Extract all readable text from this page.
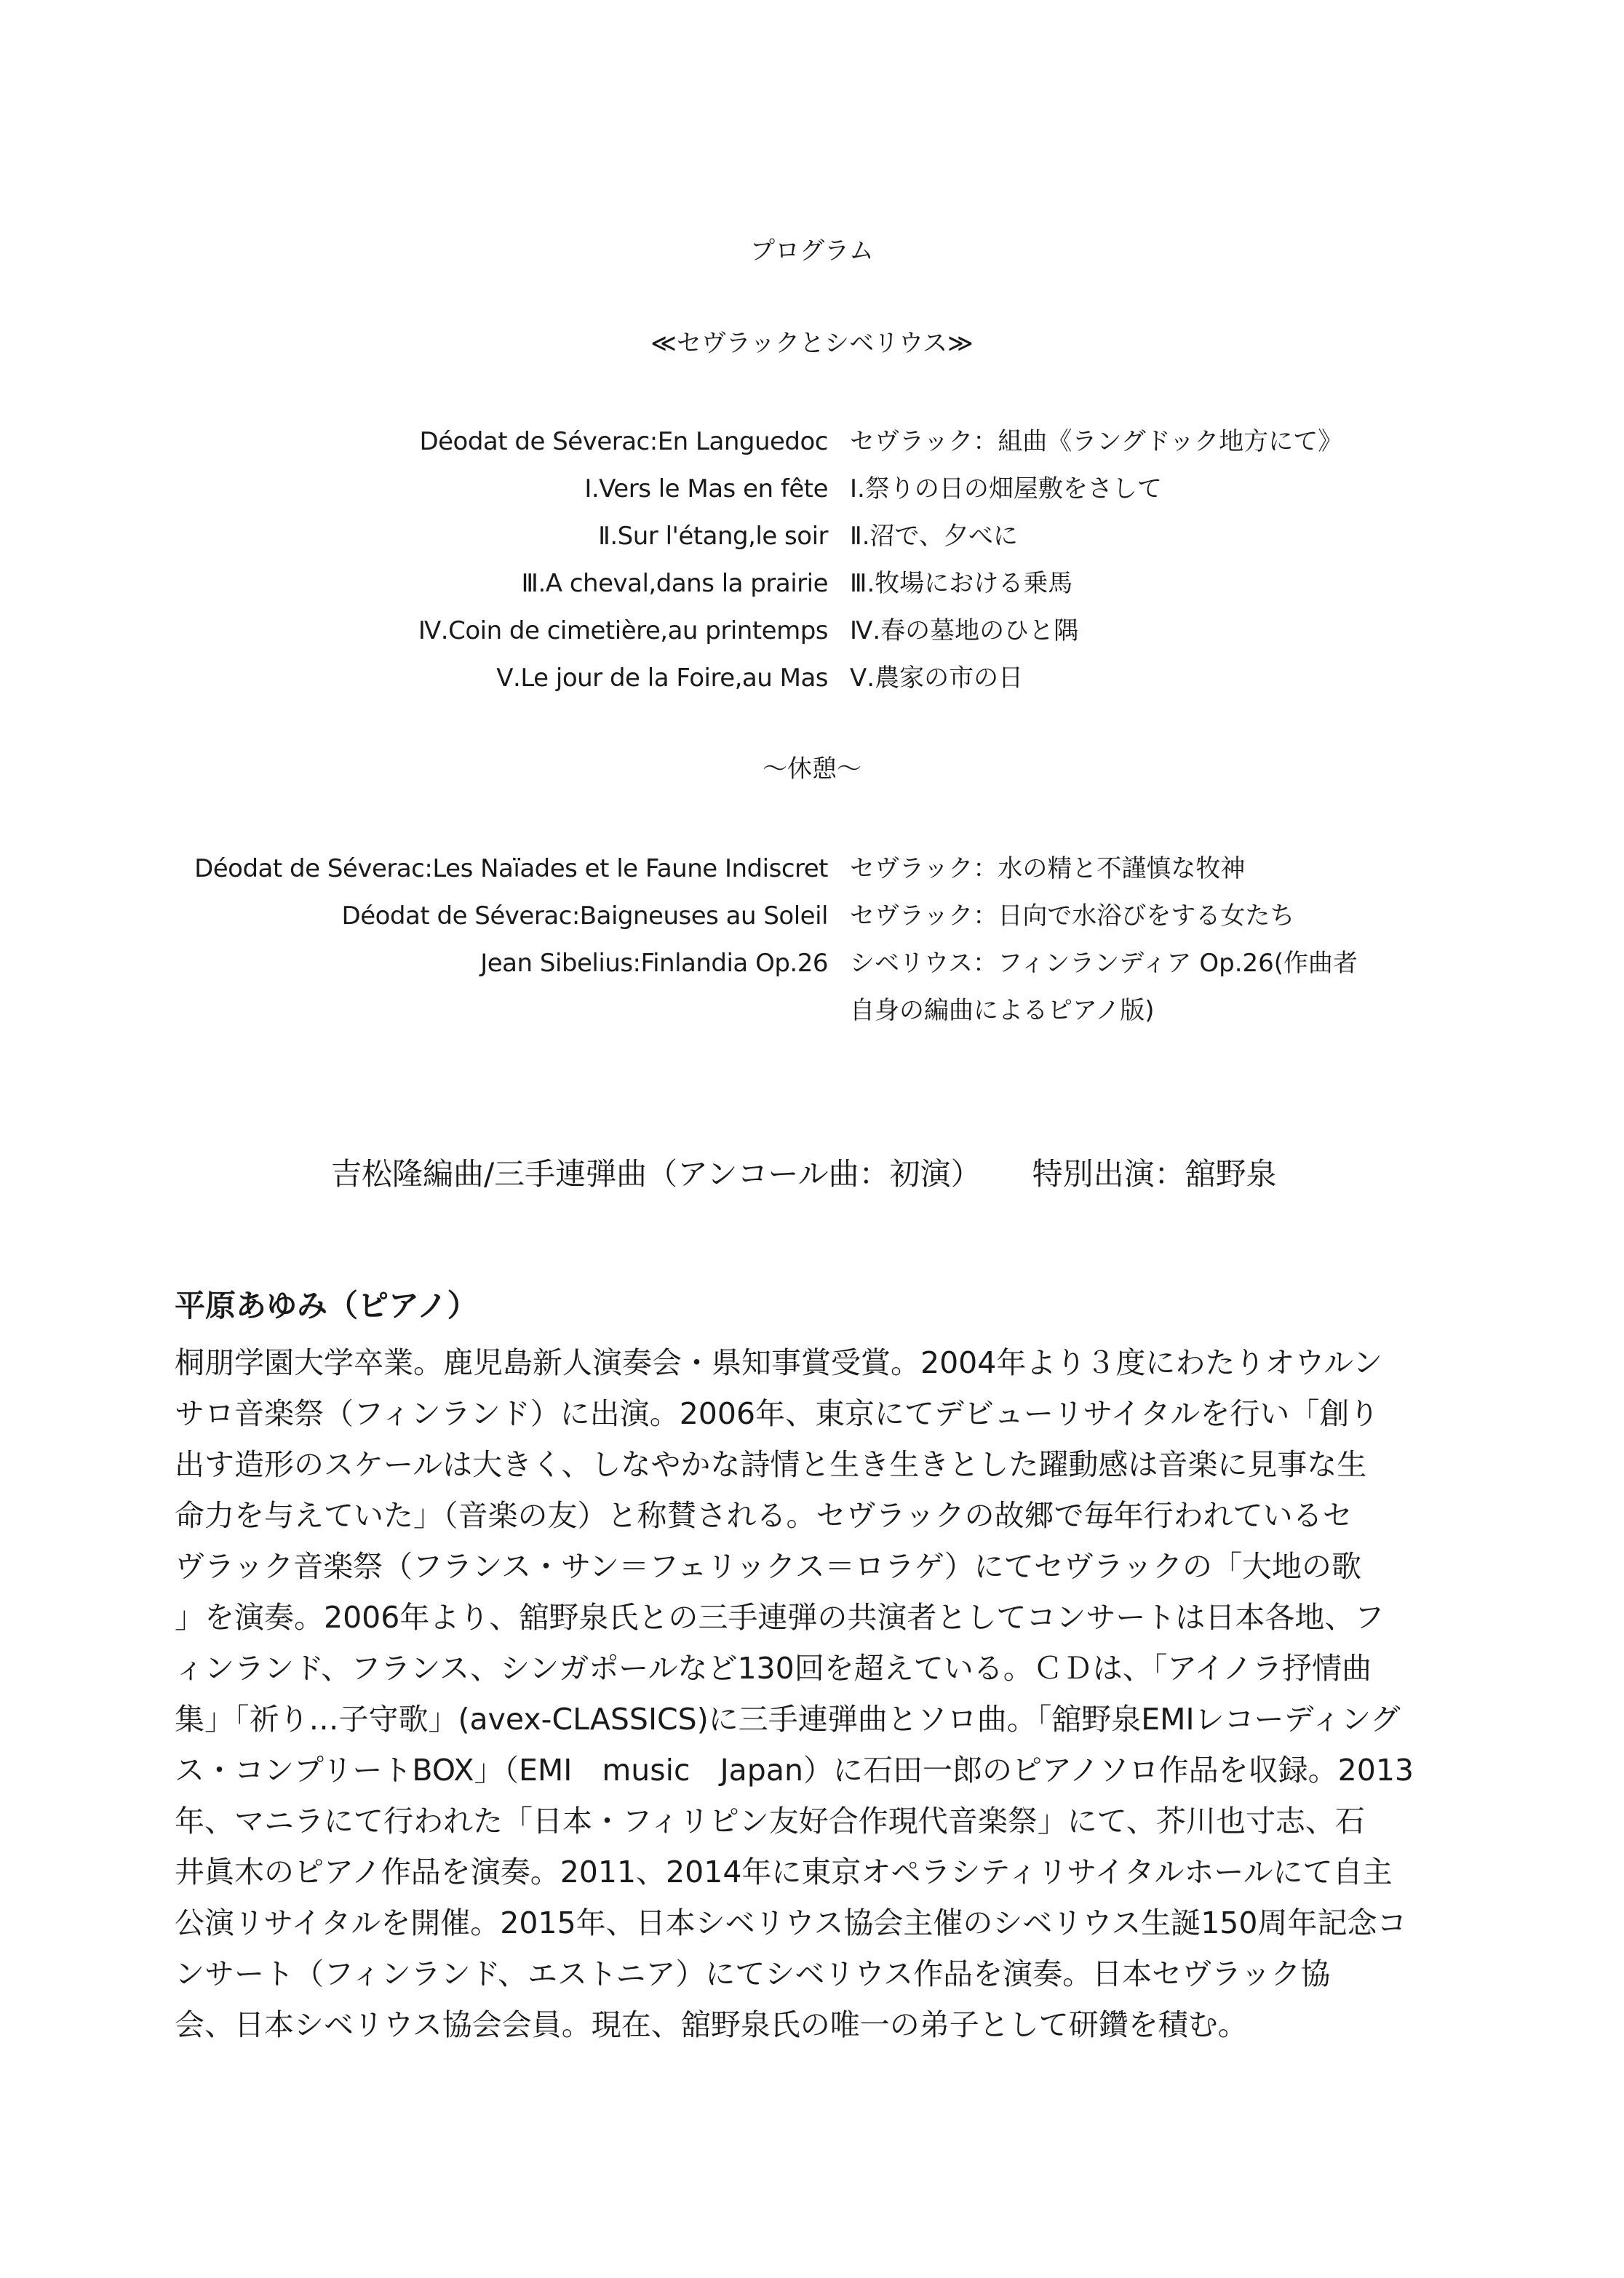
プログラム
≪セヴラックとシベリウス≫
Déodat de Séverac:En Languedoc セヴラック：組曲《ラングドック地方にて》
Ⅰ.Vers le Mas en fête Ⅰ.祭りの日の畑屋敷をさして
Ⅱ.Sur l'étang,le soir Ⅱ.沼で、夕べに
Ⅲ.A cheval,dans la prairie Ⅲ.牧場における乗馬
Ⅳ.Coin de cimetière,au printemps Ⅳ.春の墓地のひと隅
Ⅴ.Le jour de la Foire,au Mas Ⅴ.農家の市の日
～休憩～
Déodat de Séverac:Les Naïades et le Faune Indiscret セヴラック：水の精と不謹慎な牧神
Déodat de Séverac:Baigneuses au Soleil セヴラック：日向で水浴びをする女たち
Jean Sibelius:Finlandia Op.26 シベリウス：フィンランディア Op.26(作曲者
自身の編曲によるピアノ版)
吉松隆編曲/三手連弾曲（アンコール曲：初演） 特別出演：舘野泉
平原あゆみ（ピアノ）
桐朋学園大学卒業。鹿児島新人演奏会・県知事賞受賞。2004年より３度にわたりオウルン
サロ音楽祭（フィンランド）に出演。2006年、東京にてデビューリサイタルを行い「創り
出す造形のスケールは大きく、しなやかな詩情と生き生きとした躍動感は音楽に見事な生
命力を与えていた」（音楽の友）と称賛される。セヴラックの故郷で毎年行われているセ
ヴラック音楽祭（フランス・サン＝フェリックス＝ロラゲ）にてセヴラックの「大地の歌
」を演奏。2006年より、舘野泉氏との三手連弾の共演者としてコンサートは日本各地、フ
ィンランド、フランス、シンガポールなど130回を超えている。ＣＤは、「アイノラ抒情曲
集」「祈り…子守歌」(avex-CLASSICS)に三手連弾曲とソロ曲。「舘野泉EMIレコーディング
ス・コンプリートBOX」（EMI　music　Japan）に石田一郎のピアノソロ作品を収録。2013
年、マニラにて行われた「日本・フィリピン友好合作現代音楽祭」にて、芥川也寸志、石
井眞木のピアノ作品を演奏。2011、2014年に東京オペラシティリサイタルホールにて自主
公演リサイタルを開催。2015年、日本シベリウス協会主催のシベリウス生誕150周年記念コ
ンサート（フィンランド、エストニア）にてシベリウス作品を演奏。日本セヴラック協
会、日本シベリウス協会会員。現在、舘野泉氏の唯一の弟子として研鑽を積む。
